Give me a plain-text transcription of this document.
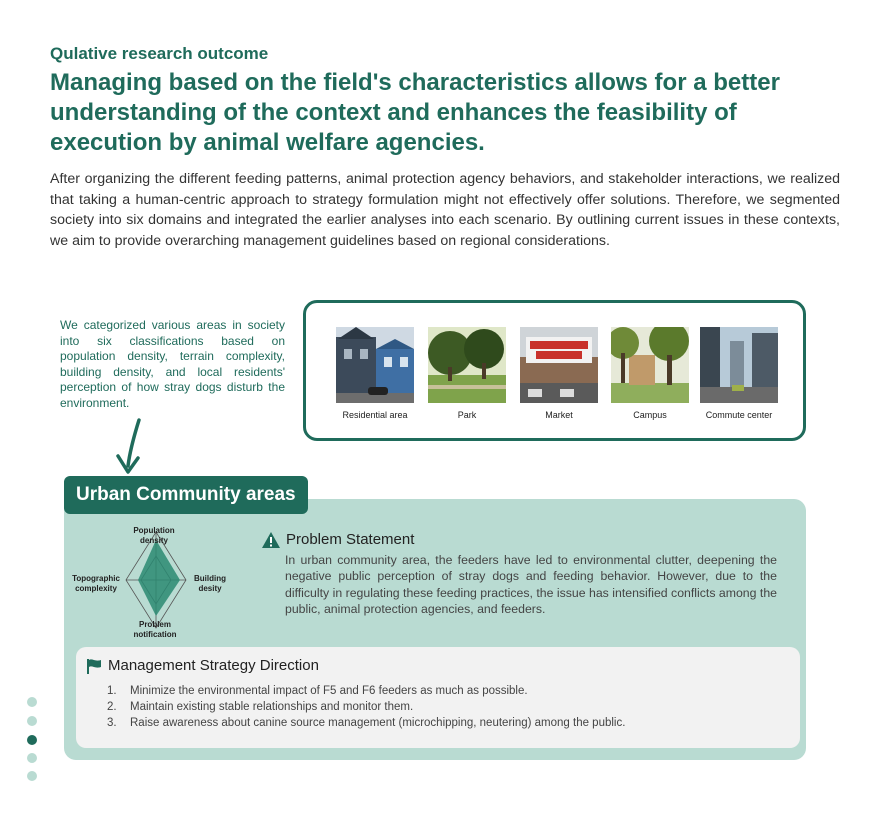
Qulative research outcome
Managing based on the field's characteristics allows for a better understanding of the context and enhances the feasibility of execution by animal welfare agencies.

After organizing the different feeding patterns, animal protection agency behaviors, and stakeholder interactions, we realized that taking a human-centric approach to strategy formulation might not effectively offer solutions. Therefore, we segmented society into six domains and integrated the earlier analyses into each scenario. By outlining current issues in these contexts, we aim to provide overarching management guidelines based on regional considerations.

We categorized various areas in society into six classifications based on population density, terrain complexity, building density, and local residents' perception of how stray dogs disturb the environment.

Residential area	Park	Market	Campus	Commute center
Urban Community areas
Population density
Building desity
Problem notification
Topographic complexity
Problem Statement

In urban community area, the feeders have led to environmental clutter, deepening the negative public perception of stray dogs and feeding behavior. However, due to the difficulty in regulating these feeding practices, the issue has intensified conflicts among the public, animal protection agencies, and feeders.

Management Strategy Direction
1.	Minimize the environmental impact of F5 and F6 feeders as much as possible.
2.	Maintain existing stable relationships and monitor them.
3.	Raise awareness about canine source management (microchipping, neutering) among the public.
